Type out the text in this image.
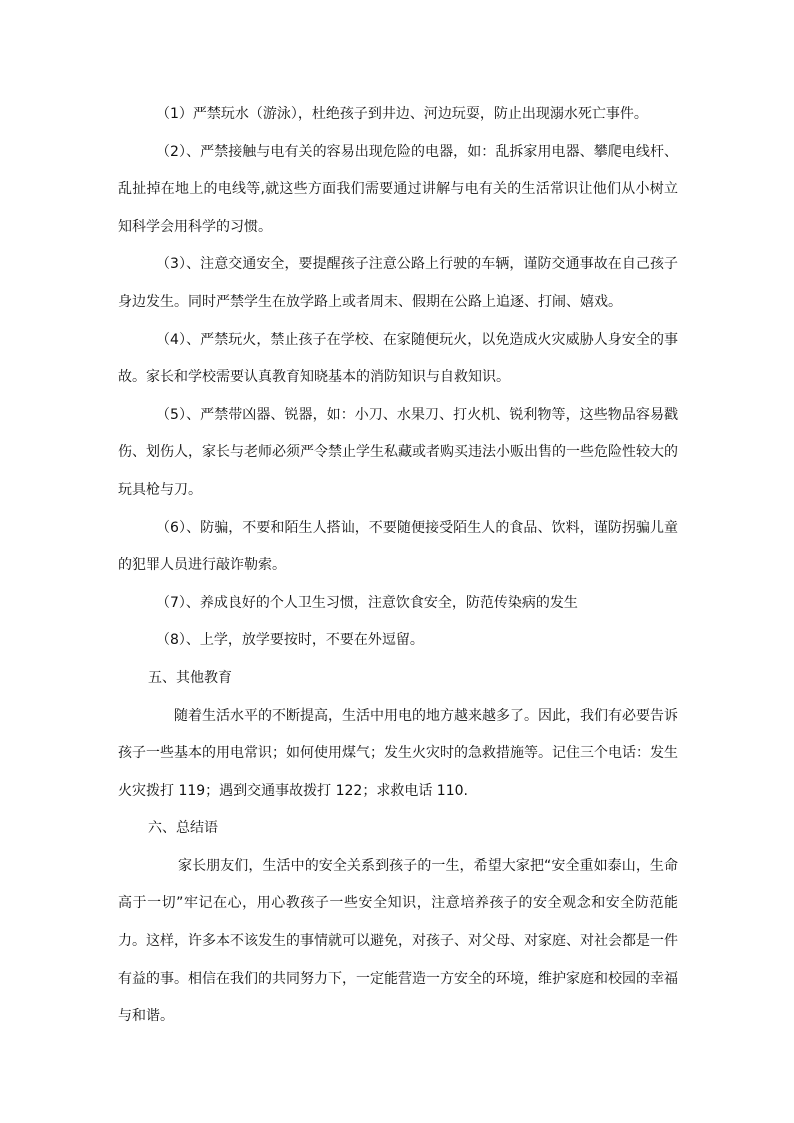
（1）严禁玩水（游泳），杜绝孩子到井边、河边玩耍，防止出现溺水死亡事件。

（2）、严禁接触与电有关的容易出现危险的电器，如：乱拆家用电器、攀爬电线杆、乱扯掉在地上的电线等,就这些方面我们需要通过讲解与电有关的生活常识让他们从小树立知科学会用科学的习惯。

（3）、注意交通安全，要提醒孩子注意公路上行驶的车辆，谨防交通事故在自己孩子身边发生。同时严禁学生在放学路上或者周末、假期在公路上追逐、打闹、嬉戏。

（4）、严禁玩火，禁止孩子在学校、在家随便玩火，以免造成火灾威胁人身安全的事故。家长和学校需要认真教育知晓基本的消防知识与自救知识。

（5）、严禁带凶器、锐器，如：小刀、水果刀、打火机、锐利物等，这些物品容易戳伤、划伤人，家长与老师必须严令禁止学生私藏或者购买违法小贩出售的一些危险性较大的玩具枪与刀。

（6）、防骗，不要和陌生人搭讪，不要随便接受陌生人的食品、饮料，谨防拐骗儿童的犯罪人员进行敲诈勒索。

（7）、养成良好的个人卫生习惯，注意饮食安全，防范传染病的发生

（8）、上学，放学要按时，不要在外逗留。

五、其他教育

随着生活水平的不断提高，生活中用电的地方越来越多了。因此，我们有必要告诉孩子一些基本的用电常识；如何使用煤气；发生火灾时的急救措施等。记住三个电话：发生火灾拨打 119；遇到交通事故拨打 122；求救电话 110.

六、总结语

家长朋友们，生活中的安全关系到孩子的一生，希望大家把“安全重如泰山，生命高于一切”牢记在心，用心教孩子一些安全知识，注意培养孩子的安全观念和安全防范能力。这样，许多本不该发生的事情就可以避免，对孩子、对父母、对家庭、对社会都是一件有益的事。相信在我们的共同努力下，一定能营造一方安全的环境，维护家庭和校园的幸福与和谐。
